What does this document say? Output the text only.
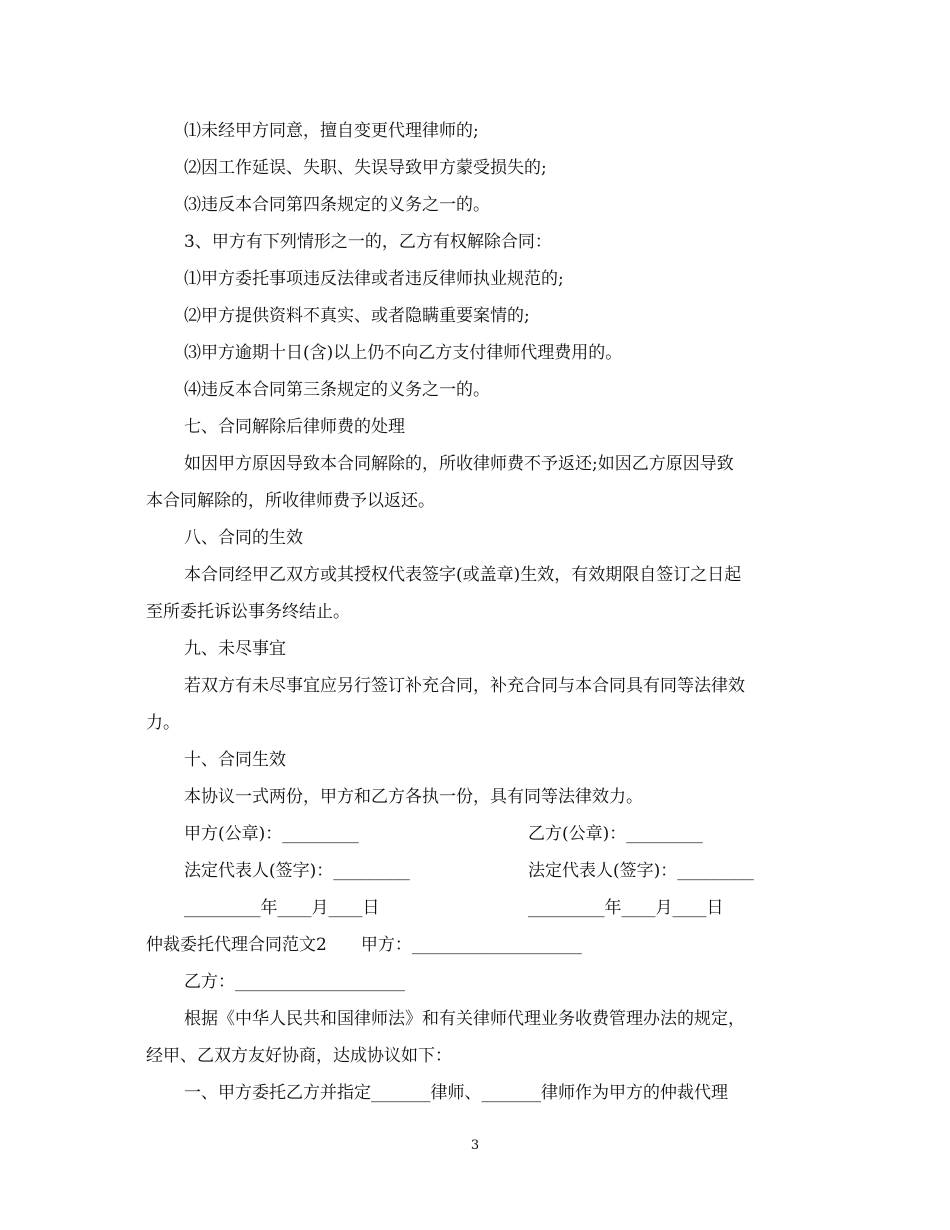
⑴未经甲方同意，擅自变更代理律师的;
⑵因工作延误、失职、失误导致甲方蒙受损失的;
⑶违反本合同第四条规定的义务之一的。
3、甲方有下列情形之一的，乙方有权解除合同：
⑴甲方委托事项违反法律或者违反律师执业规范的;
⑵甲方提供资料不真实、或者隐瞒重要案情的;
⑶甲方逾期十日(含)以上仍不向乙方支付律师代理费用的。
⑷违反本合同第三条规定的义务之一的。
七、合同解除后律师费的处理
如因甲方原因导致本合同解除的，所收律师费不予返还;如因乙方原因导致
本合同解除的，所收律师费予以返还。
八、合同的生效
本合同经甲乙双方或其授权代表签字(或盖章)生效，有效期限自签订之日起
至所委托诉讼事务终结止。
九、未尽事宜
若双方有未尽事宜应另行签订补充合同，补充合同与本合同具有同等法律效
力。
十、合同生效
本协议一式两份，甲方和乙方各执一份，具有同等法律效力。
甲方(公章)：_________	乙方(公章)：_________
法定代表人(签字)：_________	法定代表人(签字)：_________
_________年____月____日	_________年____月____日
仲裁委托代理合同范文2　　甲方：____________________
乙方：____________________
根据《中华人民共和国律师法》和有关律师代理业务收费管理办法的规定，
经甲、乙双方友好协商，达成协议如下：
一、甲方委托乙方并指定_______律师、_______律师作为甲方的仲裁代理
3
